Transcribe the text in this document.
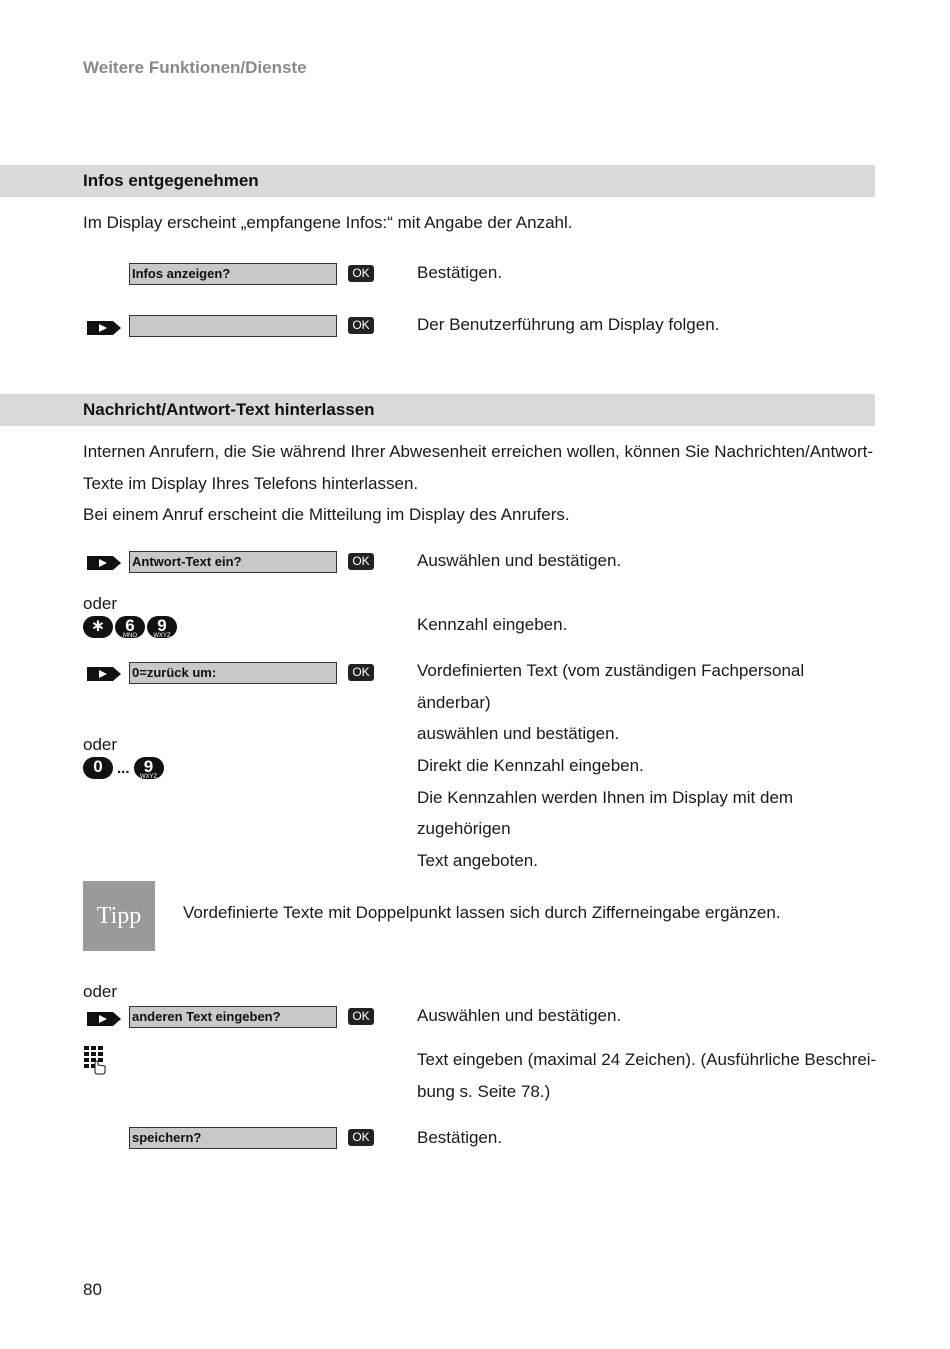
Weitere Funktionen/Dienste
Infos entgegenehmen
Im Display erscheint „empfangene Infos:“ mit Angabe der Anzahl.
Infos anzeigen?	OK	Bestätigen.
OK	Der Benutzerführung am Display folgen.
Nachricht/Antwort-Text hinterlassen
Internen Anrufern, die Sie während Ihrer Abwesenheit erreichen wollen, können Sie Nachrichten/Antwort-
Texte im Display Ihres Telefons hinterlassen.
Bei einem Anruf erscheint die Mitteilung im Display des Anrufers.
Antwort-Text ein?	OK	Auswählen und bestätigen.
oder
∗	6
MNO
9
WXYZ
Kennzahl eingeben.
0=zurück um:	OK	Vordefinierten Text (vom zuständigen Fachpersonal änderbar)
auswählen und bestätigen.
oder
0 ... 9
WXYZ
Direkt die Kennzahl eingeben.
Die Kennzahlen werden Ihnen im Display mit dem zugehörigen
Text angeboten.
Tipp	Vordefinierte Texte mit Doppelpunkt lassen sich durch Zifferneingabe ergänzen.
oder
anderen Text eingeben?	OK	Auswählen und bestätigen.
Text eingeben (maximal 24 Zeichen). (Ausführliche Beschrei-
bung s. Seite 78.)
speichern?	OK	Bestätigen.
80
